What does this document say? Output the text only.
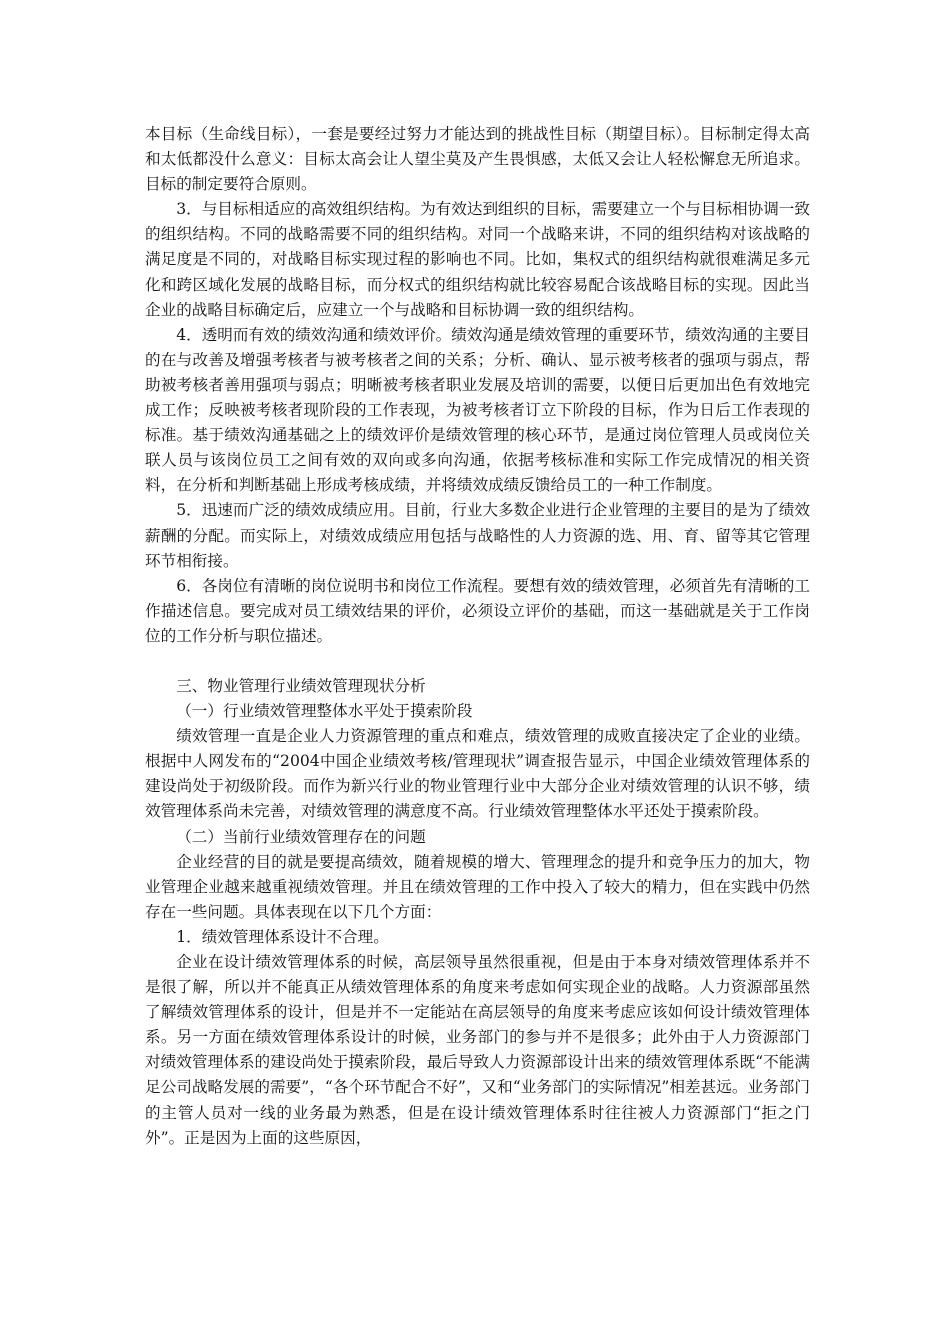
本目标（生命线目标），一套是要经过努力才能达到的挑战性目标（期望目标）。目标制定得太高和太低都没什么意义：目标太高会让人望尘莫及产生畏惧感，太低又会让人轻松懈怠无所追求。目标的制定要符合原则。

3．与目标相适应的高效组织结构。为有效达到组织的目标，需要建立一个与目标相协调一致的组织结构。不同的战略需要不同的组织结构。对同一个战略来讲，不同的组织结构对该战略的满足度是不同的，对战略目标实现过程的影响也不同。比如，集权式的组织结构就很难满足多元化和跨区域化发展的战略目标，而分权式的组织结构就比较容易配合该战略目标的实现。因此当企业的战略目标确定后，应建立一个与战略和目标协调一致的组织结构。

4．透明而有效的绩效沟通和绩效评价。绩效沟通是绩效管理的重要环节，绩效沟通的主要目的在与改善及增强考核者与被考核者之间的关系；分析、确认、显示被考核者的强项与弱点，帮助被考核者善用强项与弱点；明晰被考核者职业发展及培训的需要，以便日后更加出色有效地完成工作；反映被考核者现阶段的工作表现，为被考核者订立下阶段的目标，作为日后工作表现的标准。基于绩效沟通基础之上的绩效评价是绩效管理的核心环节，是通过岗位管理人员或岗位关联人员与该岗位员工之间有效的双向或多向沟通，依据考核标准和实际工作完成情况的相关资料，在分析和判断基础上形成考核成绩，并将绩效成绩反馈给员工的一种工作制度。

5．迅速而广泛的绩效成绩应用。目前，行业大多数企业进行企业管理的主要目的是为了绩效薪酬的分配。而实际上，对绩效成绩应用包括与战略性的人力资源的选、用、育、留等其它管理环节相衔接。

6．各岗位有清晰的岗位说明书和岗位工作流程。要想有效的绩效管理，必须首先有清晰的工作描述信息。要完成对员工绩效结果的评价，必须设立评价的基础，而这一基础就是关于工作岗位的工作分析与职位描述。

三、物业管理行业绩效管理现状分析

（一）行业绩效管理整体水平处于摸索阶段

绩效管理一直是企业人力资源管理的重点和难点，绩效管理的成败直接决定了企业的业绩。根据中人网发布的“2004中国企业绩效考核/管理现状”调查报告显示，中国企业绩效管理体系的建设尚处于初级阶段。而作为新兴行业的物业管理行业中大部分企业对绩效管理的认识不够，绩效管理体系尚未完善，对绩效管理的满意度不高。行业绩效管理整体水平还处于摸索阶段。

（二）当前行业绩效管理存在的问题

企业经营的目的就是要提高绩效，随着规模的增大、管理理念的提升和竞争压力的加大，物业管理企业越来越重视绩效管理。并且在绩效管理的工作中投入了较大的精力，但在实践中仍然存在一些问题。具体表现在以下几个方面：

1．绩效管理体系设计不合理。

企业在设计绩效管理体系的时候，高层领导虽然很重视，但是由于本身对绩效管理体系并不是很了解，所以并不能真正从绩效管理体系的角度来考虑如何实现企业的战略。人力资源部虽然了解绩效管理体系的设计，但是并不一定能站在高层领导的角度来考虑应该如何设计绩效管理体系。另一方面在绩效管理体系设计的时候，业务部门的参与并不是很多；此外由于人力资源部门对绩效管理体系的建设尚处于摸索阶段，最后导致人力资源部设计出来的绩效管理体系既“不能满足公司战略发展的需要”，“各个环节配合不好”，又和“业务部门的实际情况”相差甚远。业务部门的主管人员对一线的业务最为熟悉，但是在设计绩效管理体系时往往被人力资源部门“拒之门外”。正是因为上面的这些原因，
